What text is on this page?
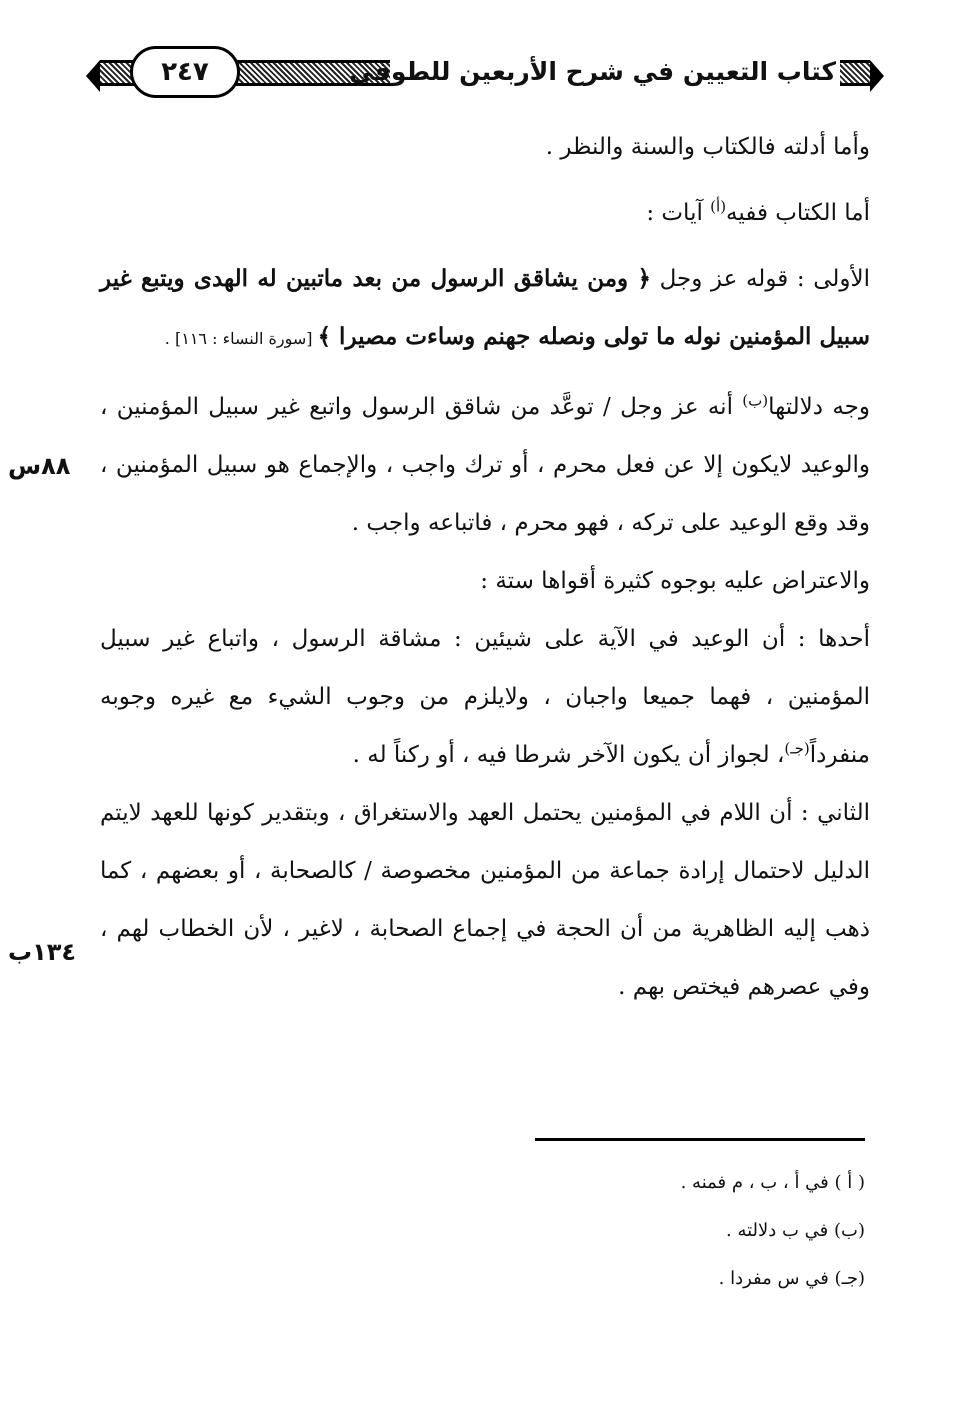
٢٤٧	كتاب التعيين في شرح الأربعين للطوفي
٨٨س
١٣٤ب

وأما أدلته فالكتاب والسنة والنظر .

أما الكتاب ففيه$^{(أ)}$ آيات :

الأولى : قوله عز وجل ﴿ ومن يشاقق الرسول من بعد ماتبين له الهدى ويتبع غير سبيل المؤمنين نوله ما تولى ونصله جهنم وساءت مصيرا ﴾ [سورة النساء : ١١٦] .

وجه دلالتها$^{(ب)}$ أنه عز وجل / توعَّد من شاقق الرسول واتبع غير سبيل المؤمنين ، والوعيد لايكون إلا عن فعل محرم ، أو ترك واجب ، والإجماع هو سبيل المؤمنين ، وقد وقع الوعيد على تركه ، فهو محرم ، فاتباعه واجب .

والاعتراض عليه بوجوه كثيرة أقواها ستة :

أحدها : أن الوعيد في الآية على شيئين : مشاقة الرسول ، واتباع غير سبيل المؤمنين ، فهما جميعا واجبان ، ولايلزم من وجوب الشيء مع غيره وجوبه منفرداً$^{(جـ)}$، لجواز أن يكون الآخر شرطا فيه ، أو ركناً له .

الثاني : أن اللام في المؤمنين يحتمل العهد والاستغراق ، وبتقدير كونها للعهد لايتم الدليل لاحتمال إرادة جماعة من المؤمنين مخصوصة / كالصحابة ، أو بعضهم ، كما ذهب إليه الظاهرية من أن الحجة في إجماع الصحابة ، لاغير ، لأن الخطاب لهم ، وفي عصرهم فيختص بهم .

( أ ) في أ ، ب ، م فمنه .

(ب) في ب دلالته .

(جـ) في س مفردا .
